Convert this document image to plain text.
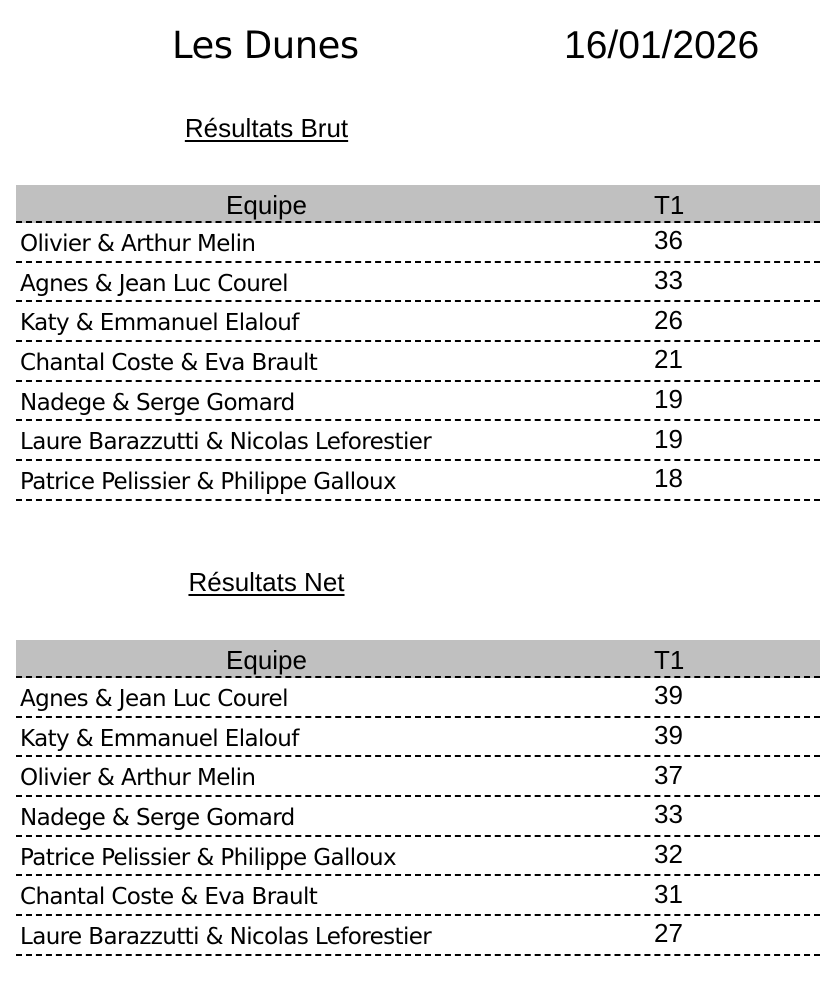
Les Dunes	16/01/2026
Résultats Brut
Equipe	T1
Olivier & Arthur Melin	36
Agnes & Jean Luc Courel	33
Katy & Emmanuel Elalouf	26
Chantal Coste & Eva Brault	21
Nadege & Serge Gomard	19
Laure Barazzutti & Nicolas Leforestier	19
Patrice Pelissier & Philippe Galloux	18
Résultats Net
Equipe	T1
Agnes & Jean Luc Courel	39
Katy & Emmanuel Elalouf	39
Olivier & Arthur Melin	37
Nadege & Serge Gomard	33
Patrice Pelissier & Philippe Galloux	32
Chantal Coste & Eva Brault	31
Laure Barazzutti & Nicolas Leforestier	27
